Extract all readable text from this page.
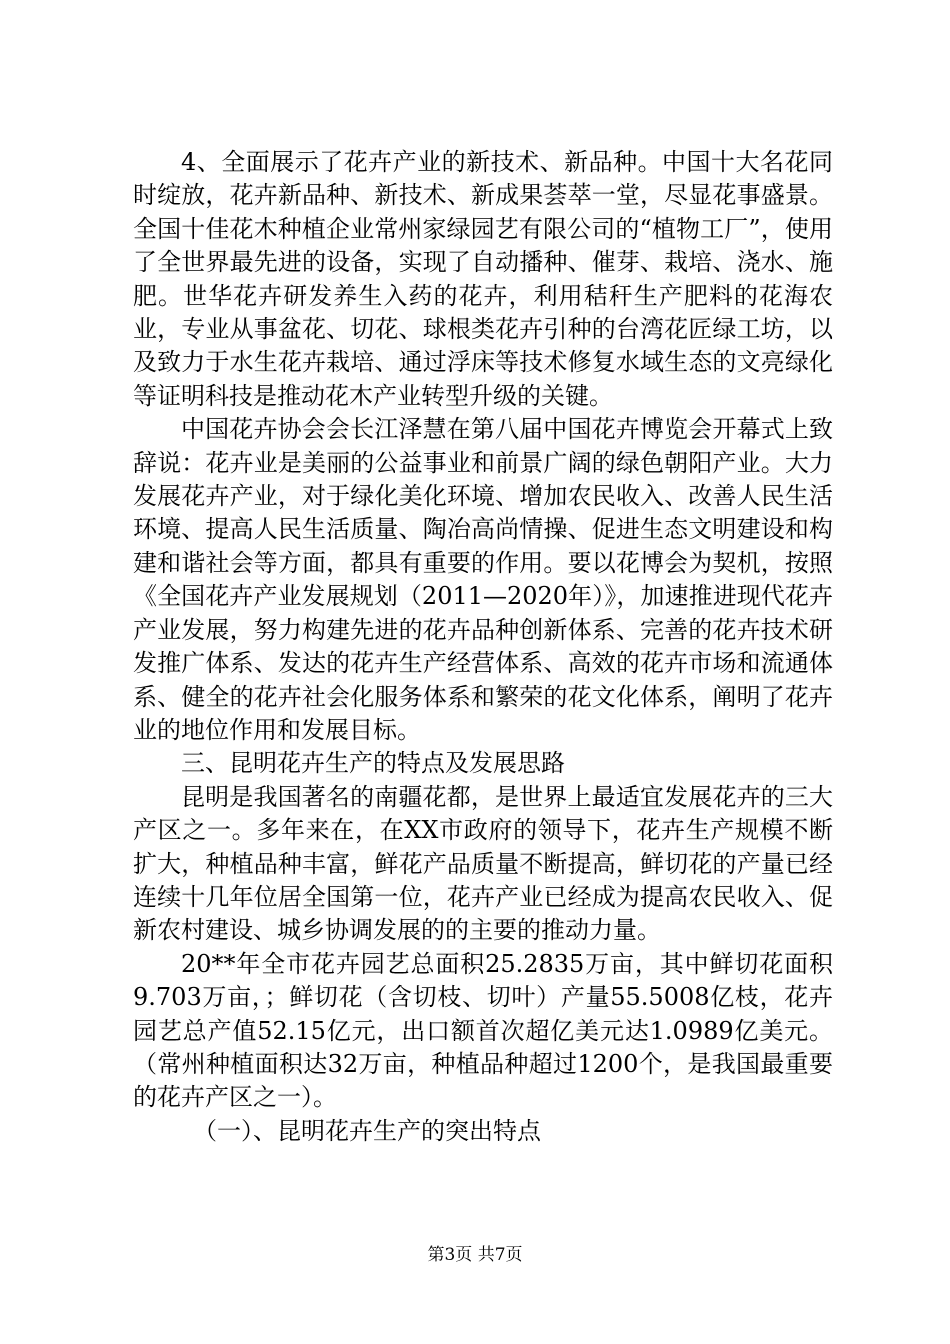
4、全面展示了花卉产业的新技术、新品种。中国十大名花同时绽放，花卉新品种、新技术、新成果荟萃一堂，尽显花事盛景。全国十佳花木种植企业常州家绿园艺有限公司的“植物工厂”，使用了全世界最先进的设备，实现了自动播种、催芽、栽培、浇水、施肥。世华花卉研发养生入药的花卉，利用秸秆生产肥料的花海农业，专业从事盆花、切花、球根类花卉引种的台湾花匠绿工坊，以及致力于水生花卉栽培、通过浮床等技术修复水域生态的文亮绿化等证明科技是推动花木产业转型升级的关键。

中国花卉协会会长江泽慧在第八届中国花卉博览会开幕式上致辞说：花卉业是美丽的公益事业和前景广阔的绿色朝阳产业。大力发展花卉产业，对于绿化美化环境、增加农民收入、改善人民生活环境、提高人民生活质量、陶冶高尚情操、促进生态文明建设和构建和谐社会等方面，都具有重要的作用。要以花博会为契机，按照《全国花卉产业发展规划（2011—2020年）》，加速推进现代花卉产业发展，努力构建先进的花卉品种创新体系、完善的花卉技术研发推广体系、发达的花卉生产经营体系、高效的花卉市场和流通体系、健全的花卉社会化服务体系和繁荣的花文化体系，阐明了花卉业的地位作用和发展目标。

三、昆明花卉生产的特点及发展思路

昆明是我国著名的南疆花都，是世界上最适宜发展花卉的三大产区之一。多年来在，在XX市政府的领导下，花卉生产规模不断扩大，种植品种丰富，鲜花产品质量不断提高，鲜切花的产量已经连续十几年位居全国第一位，花卉产业已经成为提高农民收入、促新农村建设、城乡协调发展的的主要的推动力量。

20**年全市花卉园艺总面积25.2835万亩，其中鲜切花面积9.703万亩，；鲜切花（含切枝、切叶）产量55.5008亿枝，花卉园艺总产值52.15亿元，出口额首次超亿美元达1.0989亿美元。（常州种植面积达32万亩，种植品种超过1200个，是我国最重要的花卉产区之一）。

（一）、昆明花卉生产的突出特点

第3页 共7页
